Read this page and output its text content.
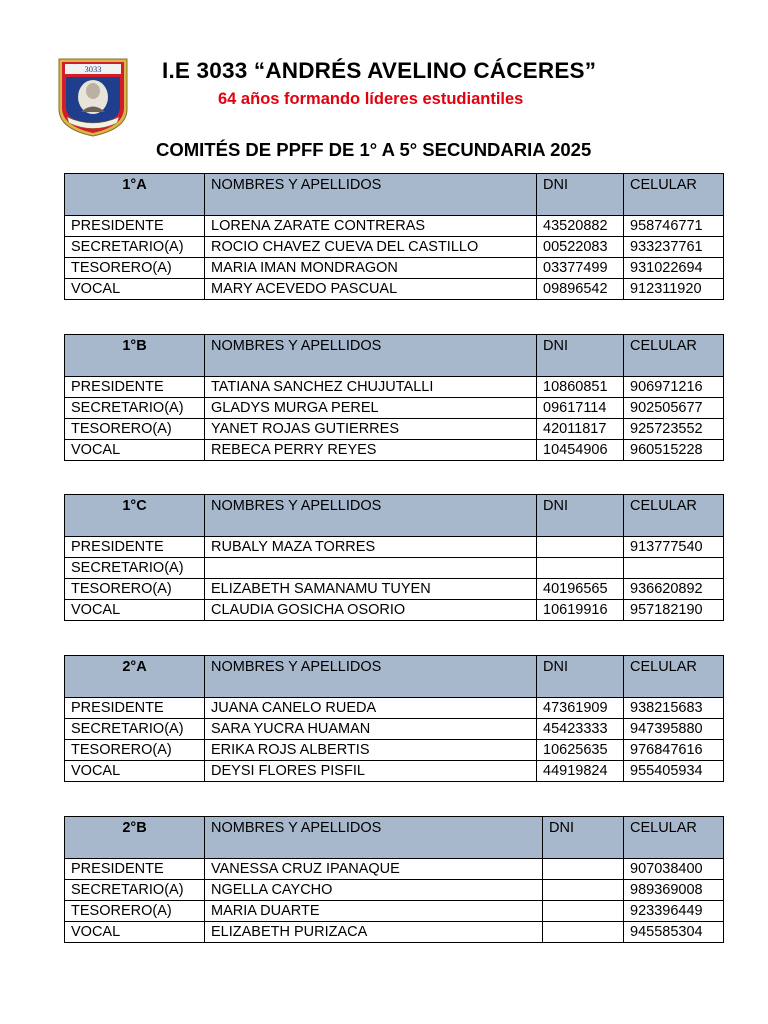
3033	I.E 3033 “ANDRÉS AVELINO CÁCERES”
64 años formando líderes estudiantiles
COMITÉS DE PPFF DE 1° A 5° SECUNDARIA 2025
1°A	NOMBRES Y APELLIDOS	DNI	CELULAR
PRESIDENTE	LORENA ZARATE CONTRERAS	43520882	958746771
SECRETARIO(A)	ROCIO CHAVEZ CUEVA DEL CASTILLO	00522083	933237761
TESORERO(A)	MARIA IMAN MONDRAGON	03377499	931022694
VOCAL	MARY ACEVEDO PASCUAL	09896542	912311920
1°B	NOMBRES Y APELLIDOS	DNI	CELULAR
PRESIDENTE	TATIANA SANCHEZ CHUJUTALLI	10860851	906971216
SECRETARIO(A)	GLADYS MURGA PEREL	09617114	902505677
TESORERO(A)	YANET ROJAS GUTIERRES	42011817	925723552
VOCAL	REBECA PERRY REYES	10454906	960515228
1°C	NOMBRES Y APELLIDOS	DNI	CELULAR
PRESIDENTE	RUBALY MAZA TORRES		913777540
SECRETARIO(A)			
TESORERO(A)	ELIZABETH SAMANAMU TUYEN	40196565	936620892
VOCAL	CLAUDIA GOSICHA OSORIO	10619916	957182190
2°A	NOMBRES Y APELLIDOS	DNI	CELULAR
PRESIDENTE	JUANA CANELO RUEDA	47361909	938215683
SECRETARIO(A)	SARA YUCRA HUAMAN	45423333	947395880
TESORERO(A)	ERIKA ROJS ALBERTIS	10625635	976847616
VOCAL	DEYSI FLORES PISFIL	44919824	955405934
2°B	NOMBRES Y APELLIDOS	DNI	CELULAR
PRESIDENTE	VANESSA CRUZ IPANAQUE		907038400
SECRETARIO(A)	NGELLA CAYCHO		989369008
TESORERO(A)	MARIA DUARTE		923396449
VOCAL	ELIZABETH PURIZACA		945585304
